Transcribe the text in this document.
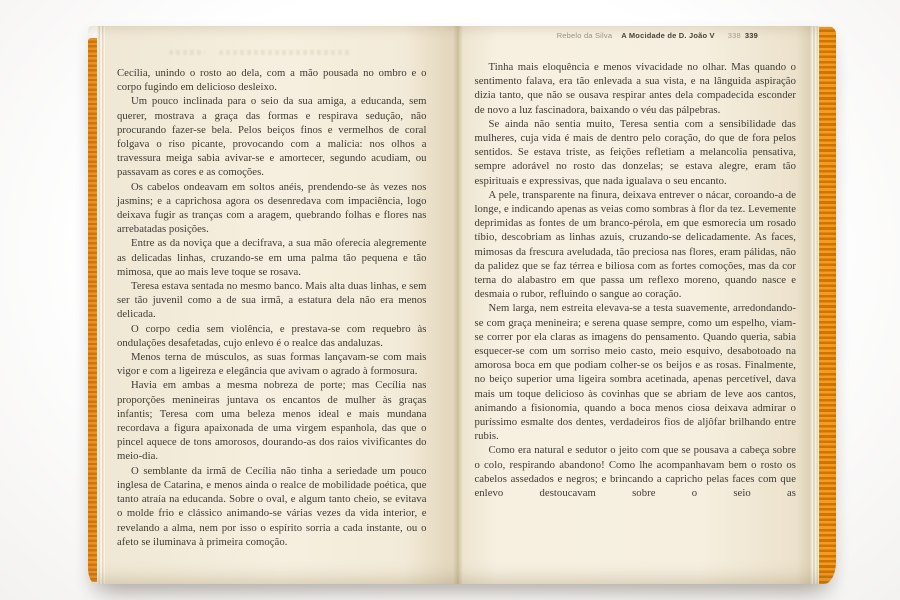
Cecília, unindo o rosto ao dela, com a mão pousada no ombro e o corpo fugindo em delicioso desleixo.

Um pouco inclinada para o seio da sua amiga, a educanda, sem querer, mostrava a graça das formas e respirava sedução, não procurando fazer-se bela. Pelos beiços finos e vermelhos de coral folgava o riso picante, provocando com a malícia: nos olhos a travessura meiga sabia avivar-se e amortecer, segundo acudiam, ou passavam as cores e as comoções.

Os cabelos ondeavam em soltos anéis, prendendo-se às vezes nos jasmins; e a caprichosa agora os desenredava com impaciência, logo deixava fugir as tranças com a aragem, quebrando folhas e flores nas arrebatadas posições.

Entre as da noviça que a decifrava, a sua mão oferecia alegremente as delicadas linhas, cruzando-se em uma palma tão pequena e tão mimosa, que ao mais leve toque se rosava.

Teresa estava sentada no mesmo banco. Mais alta duas linhas, e sem ser tão juvenil como a de sua irmã, a estatura dela não era menos delicada.

O corpo cedia sem violência, e prestava-se com requebro às ondulações desafetadas, cujo enlevo é o realce das andaluzas.

Menos terna de músculos, as suas formas lançavam-se com mais vigor e com a ligeireza e elegância que avivam o agrado à formosura.

Havia em ambas a mesma nobreza de porte; mas Cecília nas proporções menineiras juntava os encantos de mulher às graças infantis; Teresa com uma beleza menos ideal e mais mundana recordava a figura apaixonada de uma virgem espanhola, das que o pincel aquece de tons amorosos, dourando-as dos raios vivificantes do meio-dia.

O semblante da irmã de Cecília não tinha a seriedade um pouco inglesa de Catarina, e menos ainda o realce de mobilidade poética, que tanto atraía na educanda. Sobre o oval, e algum tanto cheio, se evitava o molde frio e clássico animando-se várias vezes da vida interior, e revelando a alma, nem por isso o espírito sorria a cada instante, ou o afeto se iluminava à primeira comoção.

Rebelo da Silva A Mocidade de D. João V 338 339

Tinha mais eloquência e menos vivacidade no olhar. Mas quando o sentimento falava, era tão enlevada a sua vista, e na lânguida aspiração dizia tanto, que não se ousava respirar antes dela compadecida esconder de novo a luz fascinadora, baixando o véu das pálpebras.

Se ainda não sentia muito, Teresa sentia com a sensibilidade das mulheres, cuja vida é mais de dentro pelo coração, do que de fora pelos sentidos. Se estava triste, as feições refletiam a melancolia pensativa, sempre adorável no rosto das donzelas; se estava alegre, eram tão espirituais e expressivas, que nada igualava o seu encanto.

A pele, transparente na finura, deixava entrever o nácar, coroando-a de longe, e indicando apenas as veias como sombras à flor da tez. Levemente deprimidas as fontes de um branco-pérola, em que esmorecia um rosado tíbio, descobriam as linhas azuis, cruzando-se delicadamente. As faces, mimosas da frescura aveludada, tão preciosa nas flores, eram pálidas, não da palidez que se faz térrea e biliosa com as fortes comoções, mas da cor terna do alabastro em que passa um reflexo moreno, quando nasce e desmaia o rubor, refluindo o sangue ao coração.

Nem larga, nem estreita elevava-se a testa suavemente, arredondando-se com graça menineira; e serena quase sempre, como um espelho, viam-se correr por ela claras as imagens do pensamento. Quando queria, sabia esquecer-se com um sorriso meio casto, meio esquivo, desabotoado na amorosa boca em que podiam colher-se os beijos e as rosas. Finalmente, no beiço superior uma ligeira sombra acetinada, apenas percetível, dava mais um toque delicioso às covinhas que se abriam de leve aos cantos, animando a fisionomia, quando a boca menos ciosa deixava admirar o puríssimo esmalte dos dentes, verdadeiros fios de aljôfar brilhando entre rubis.

Como era natural e sedutor o jeito com que se pousava a cabeça sobre o colo, respirando abandono! Como lhe acompanhavam bem o rosto os cabelos assedados e negros; e brincando a capricho pelas faces com que enlevo destoucavam sobre o seio as
